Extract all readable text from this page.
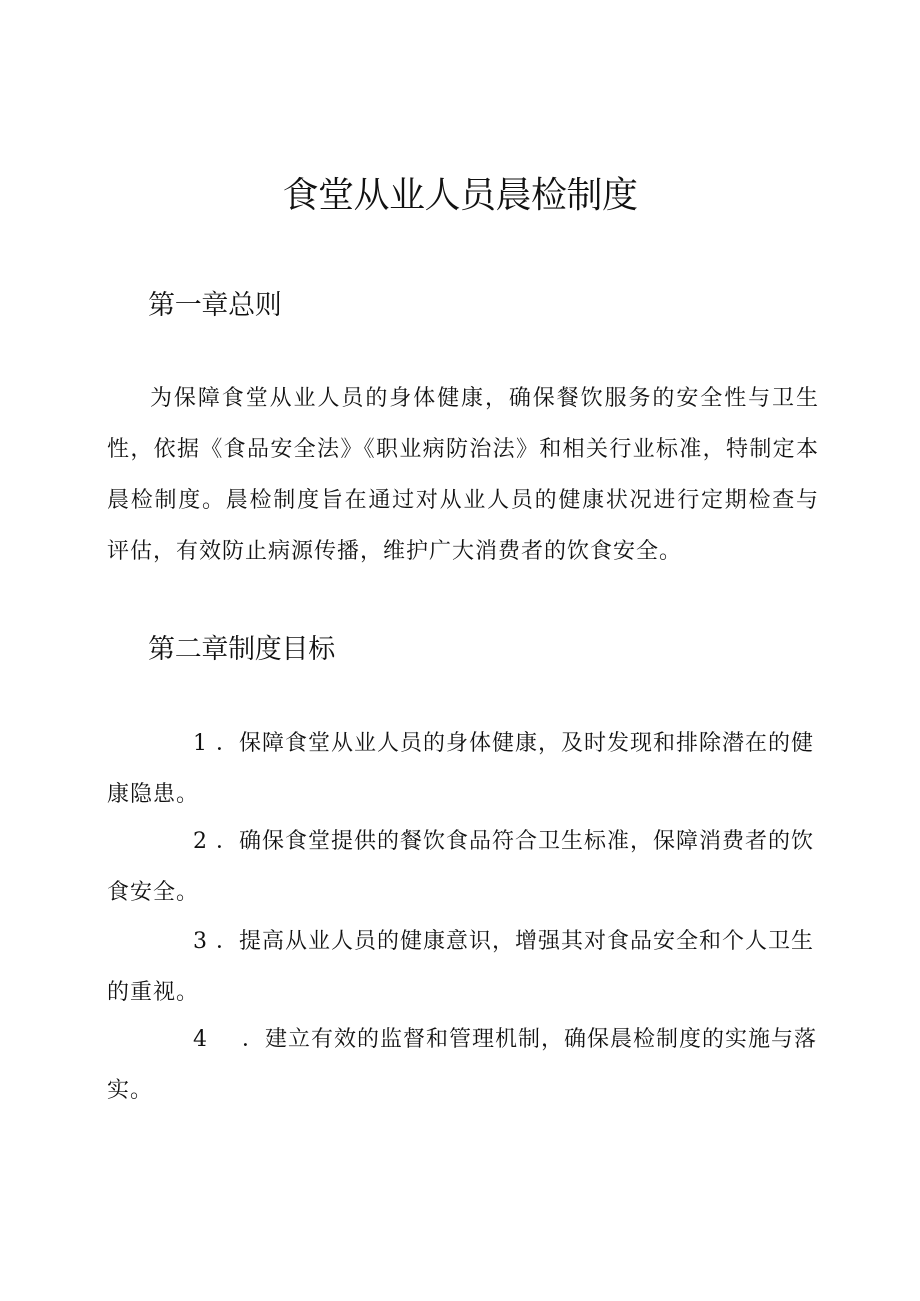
食堂从业人员晨检制度
第一章总则

为保障食堂从业人员的身体健康，确保餐饮服务的安全性与卫生性，依据《食品安全法》《职业病防治法》和相关行业标准，特制定本晨检制度。晨检制度旨在通过对从业人员的健康状况进行定期检查与评估，有效防止病源传播，维护广大消费者的饮食安全。

第二章制度目标

1 ．保障食堂从业人员的身体健康，及时发现和排除潜在的健康隐患。

2 ．确保食堂提供的餐饮食品符合卫生标准，保障消费者的饮食安全。

3 ．提高从业人员的健康意识，增强其对食品安全和个人卫生的重视。

4 ．建立有效的监督和管理机制，确保晨检制度的实施与落实。
